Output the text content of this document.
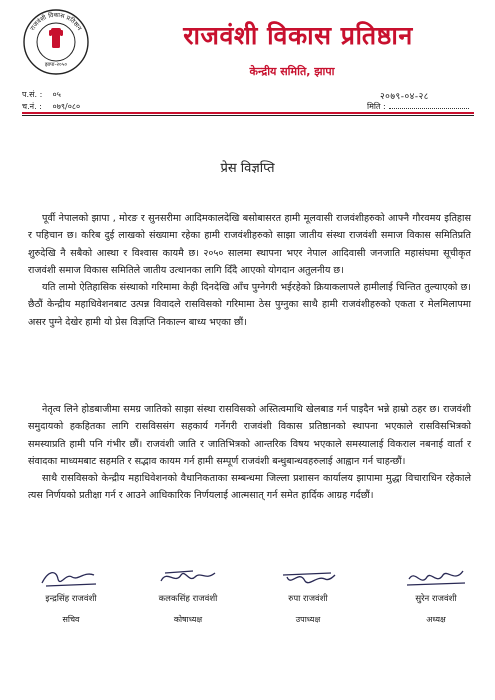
राजवंशी विकास प्रतिष्ठान
झापा-२०५०
राजवंशी विकास प्रतिष्ठान
केन्द्रीय समिति, झापा
प.सं. : ०५
च.नं. : ०७९/०८०
२०७९-०४-२८
मिति :
प्रेस विज्ञप्ति

पूर्वी नेपालको झापा , मोरङ र सुनसरीमा आदिमकालदेखि बसोबासरत हामी मूलवासी राजवंशीहरुको आफ्नै गौरवमय इतिहास र पहिचान छ। करिब दुई लाखको संख्यामा रहेका हामी राजवंशीहरुको साझा जातीय संस्था राजवंशी समाज विकास समितिप्रति शुरुदेखि नै सबैको आस्था र विश्वास कायमै छ। २०५० सालमा स्थापना भएर नेपाल आदिवासी जनजाति महासंघमा सूचीकृत राजवंशी समाज विकास समितिले जातीय उत्थानका लागि दिँदै आएको योगदान अतुलनीय छ।

यति लामो ऐतिहासिक संस्थाको गरिमामा केही दिनदेखि आँच पुग्नेगरी भईरहेको क्रियाकलापले हामीलाई चिन्तित तुल्याएको छ। छैठौं केन्द्रीय महाधिवेशनबाट उत्पन्न विवादले रासविसको गरिमामा ठेस पुग्नुका साथै हामी राजवंशीहरुको एकता र मेलमिलापमा असर पुग्ने देखेर हामी यो प्रेस विज्ञप्ति निकाल्न बाध्य भएका छौं।

नेतृत्व लिने होडबाजीमा समग्र जातिको साझा संस्था रासविसको अस्तित्वमाथि खेलबाड गर्न पाइदैन भन्ने हाम्रो ठहर छ। राजवंशी समुदायको हकहितका लागि रासविससंग सहकार्य गर्नेगरी राजवंशी विकास प्रतिष्ठानको स्थापना भएकाले रासविसभित्रको समस्याप्रति हामी पनि गंभीर छौं। राजवंशी जाति र जातिभित्रको आन्तरिक विषय भएकाले समस्यालाई विकराल नबनाई वार्ता र संवादका माध्यमबाट सहमति र सद्भाव कायम गर्न हामी सम्पूर्ण राजवंशी बन्धुबान्धवहरुलाई आह्वान गर्न चाहन्छौं।

साथै रासविसको केन्द्रीय महाधिवेशनको वैधानिकताका सम्बन्धमा जिल्ला प्रशासन कार्यालय झापामा मुद्धा विचाराधिन रहेकाले त्यस निर्णयको प्रतीक्षा गर्न र आउने आधिकारिक निर्णयलाई आत्मसात् गर्न समेत हार्दिक आग्रह गर्दछौं।

इन्द्रसिंह राजवंशी
सचिव
कलकसिंह राजवंशी
कोषाध्यक्ष
रुपा राजवंशी
उपाध्यक्ष
सुरेन राजवंशी
अध्यक्ष
